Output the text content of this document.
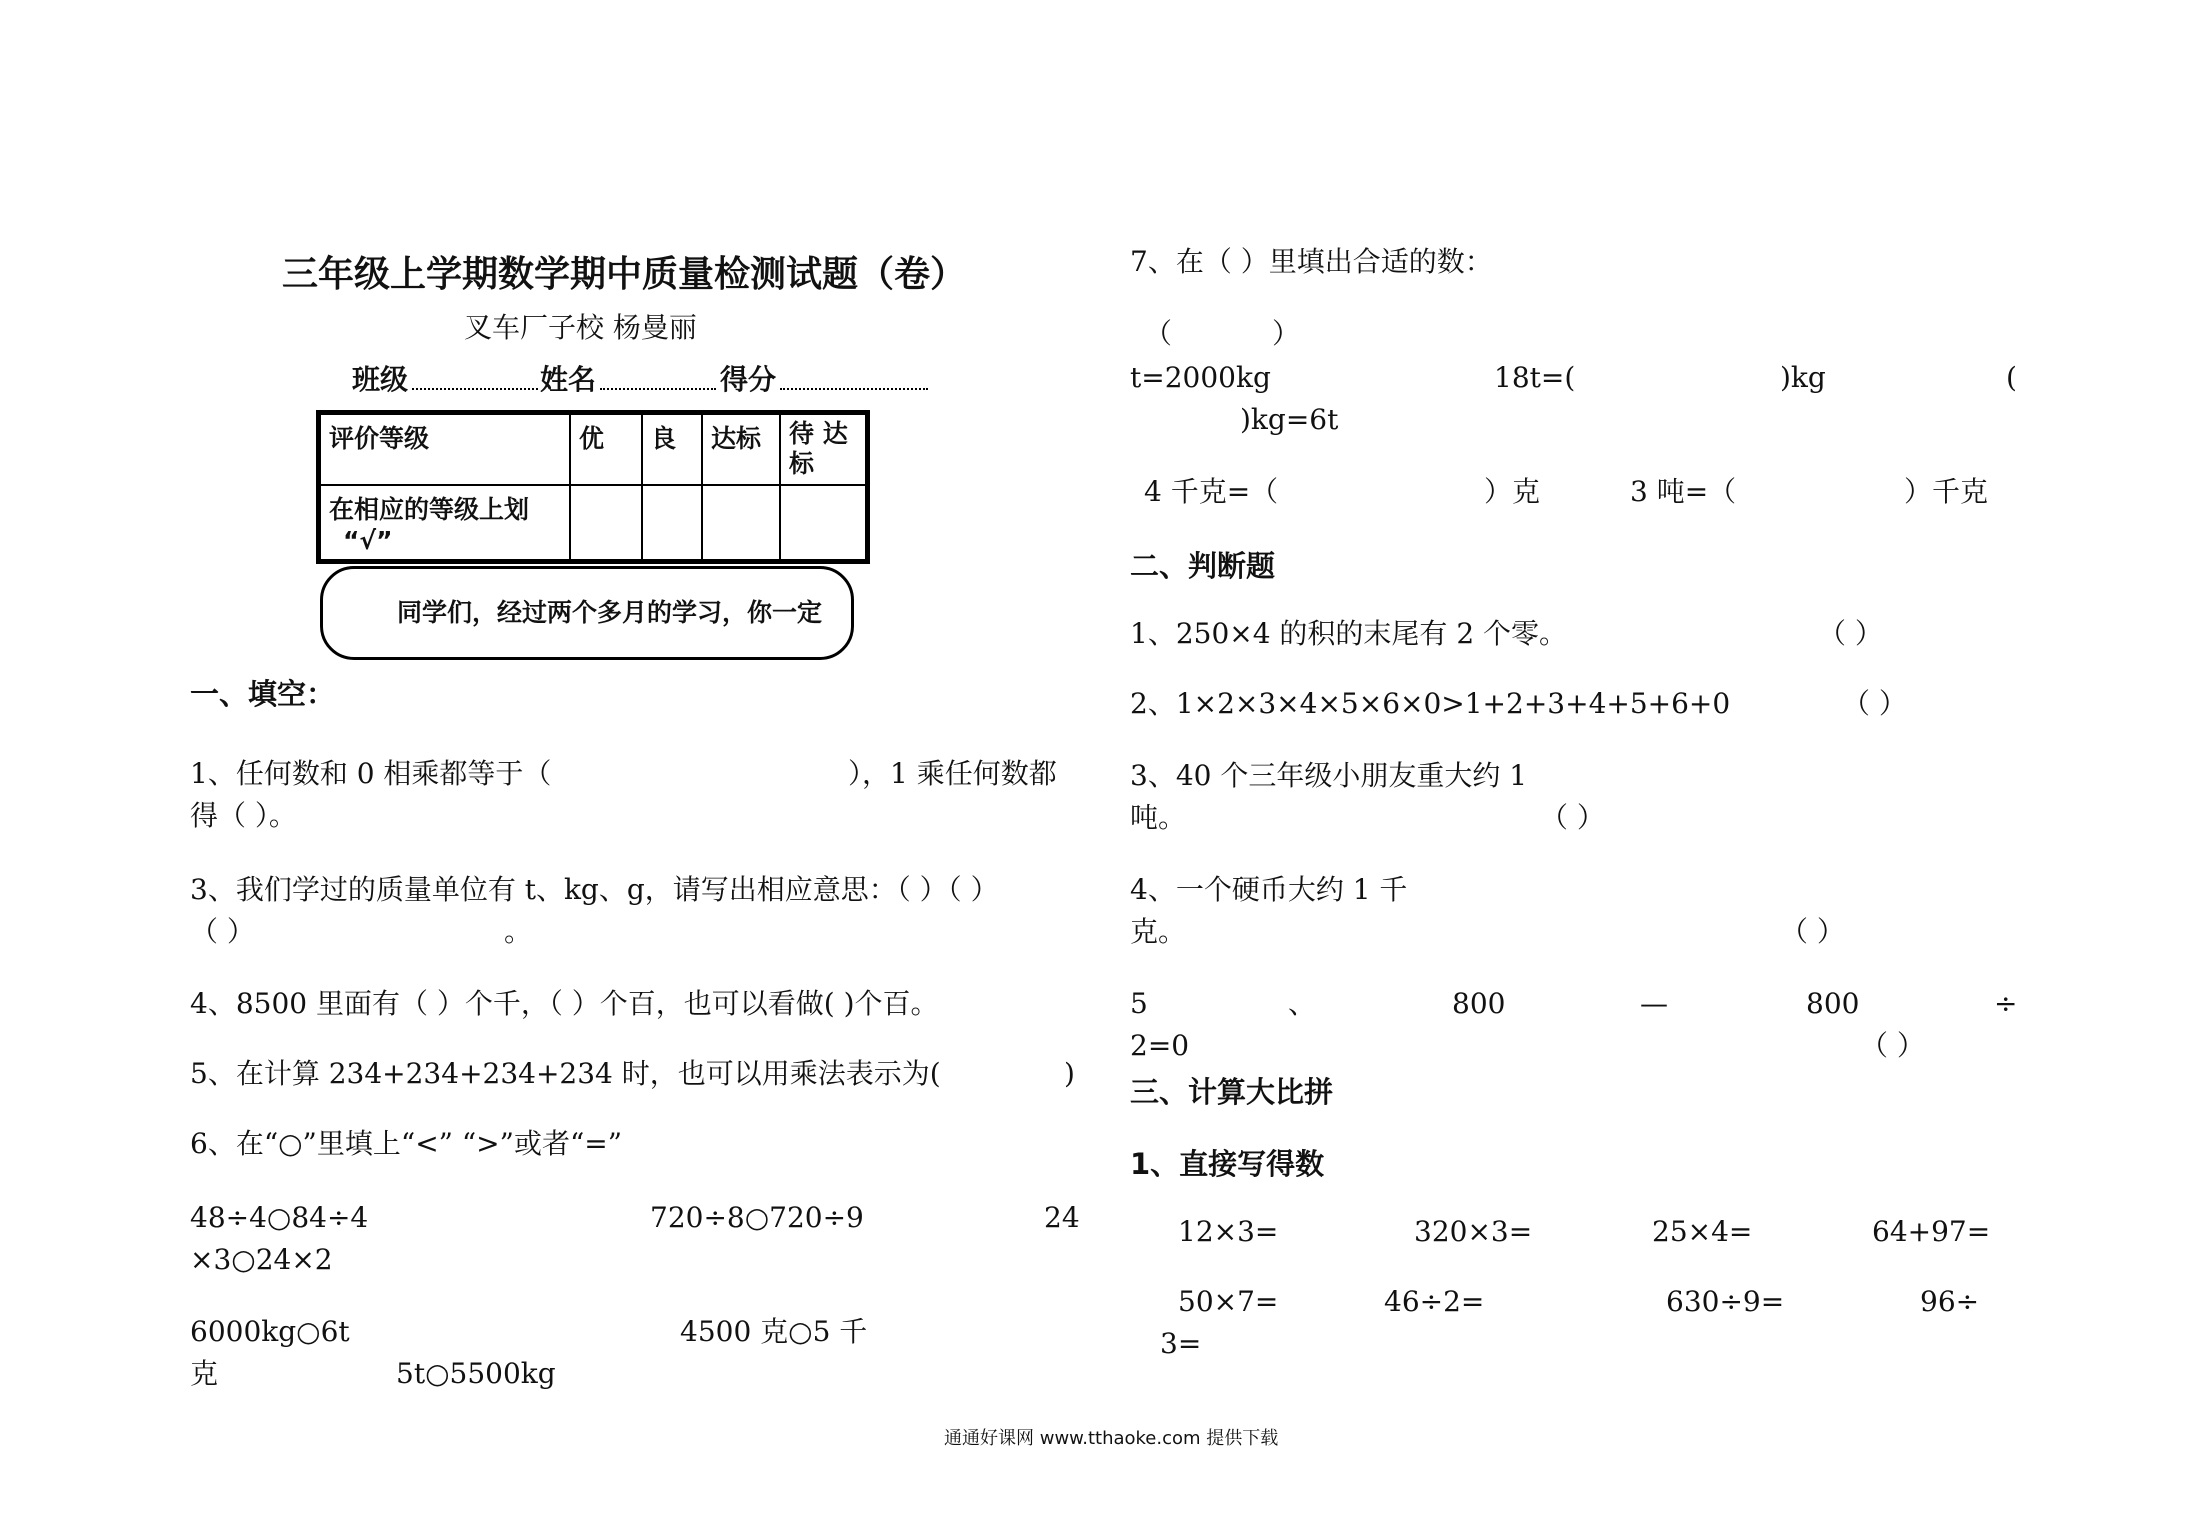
三年级上学期数学期中质量检测试题（卷）
叉车厂子校 杨曼丽
班级	姓名	得分
评价等级	优	良	达标	待 达标

在相应的等级上划
“√”				

同学们，经过两个多月的学习，你一定
一、填空：
1、任何数和 0 相乘都等于（	），1 乘任何数都
得（ ）。
3、我们学过的质量单位有 t、kg、g，请写出相应意思：（ ）（ ）
（ ）	。
4、8500 里面有（ ）个千，（ ）个百，也可以看做( )个百。
5、在计算 234+234+234+234 时，也可以用乘法表示为(	)
6、在“○”里填上“<” “>”或者“=”
48÷4○84÷4	720÷8○720÷9	24
×3○24×2
6000kg○6t	4500 克○5 千
克	5t○5500kg
7、在（ ）里填出合适的数：
（	）
t=2000kg	18t=(	)kg	(
)kg=6t
4 千克=（	）克	3 吨=（	）千克
二、判断题
1、250×4 的积的末尾有 2 个零。	（ ）
2、1×2×3×4×5×6×0>1+2+3+4+5+6+0	（ ）
3、40 个三年级小朋友重大约 1
吨。	（ ）
4、一个硬币大约 1 千
克。	（ ）
5	、	800	—	800	÷
2=0	（ ）
三、计算大比拼
1、直接写得数
12×3=	320×3=	25×4=	64+97=
50×7=	46÷2=	630÷9=	96÷
3=
通通好课网 www.tthaoke.com 提供下载
